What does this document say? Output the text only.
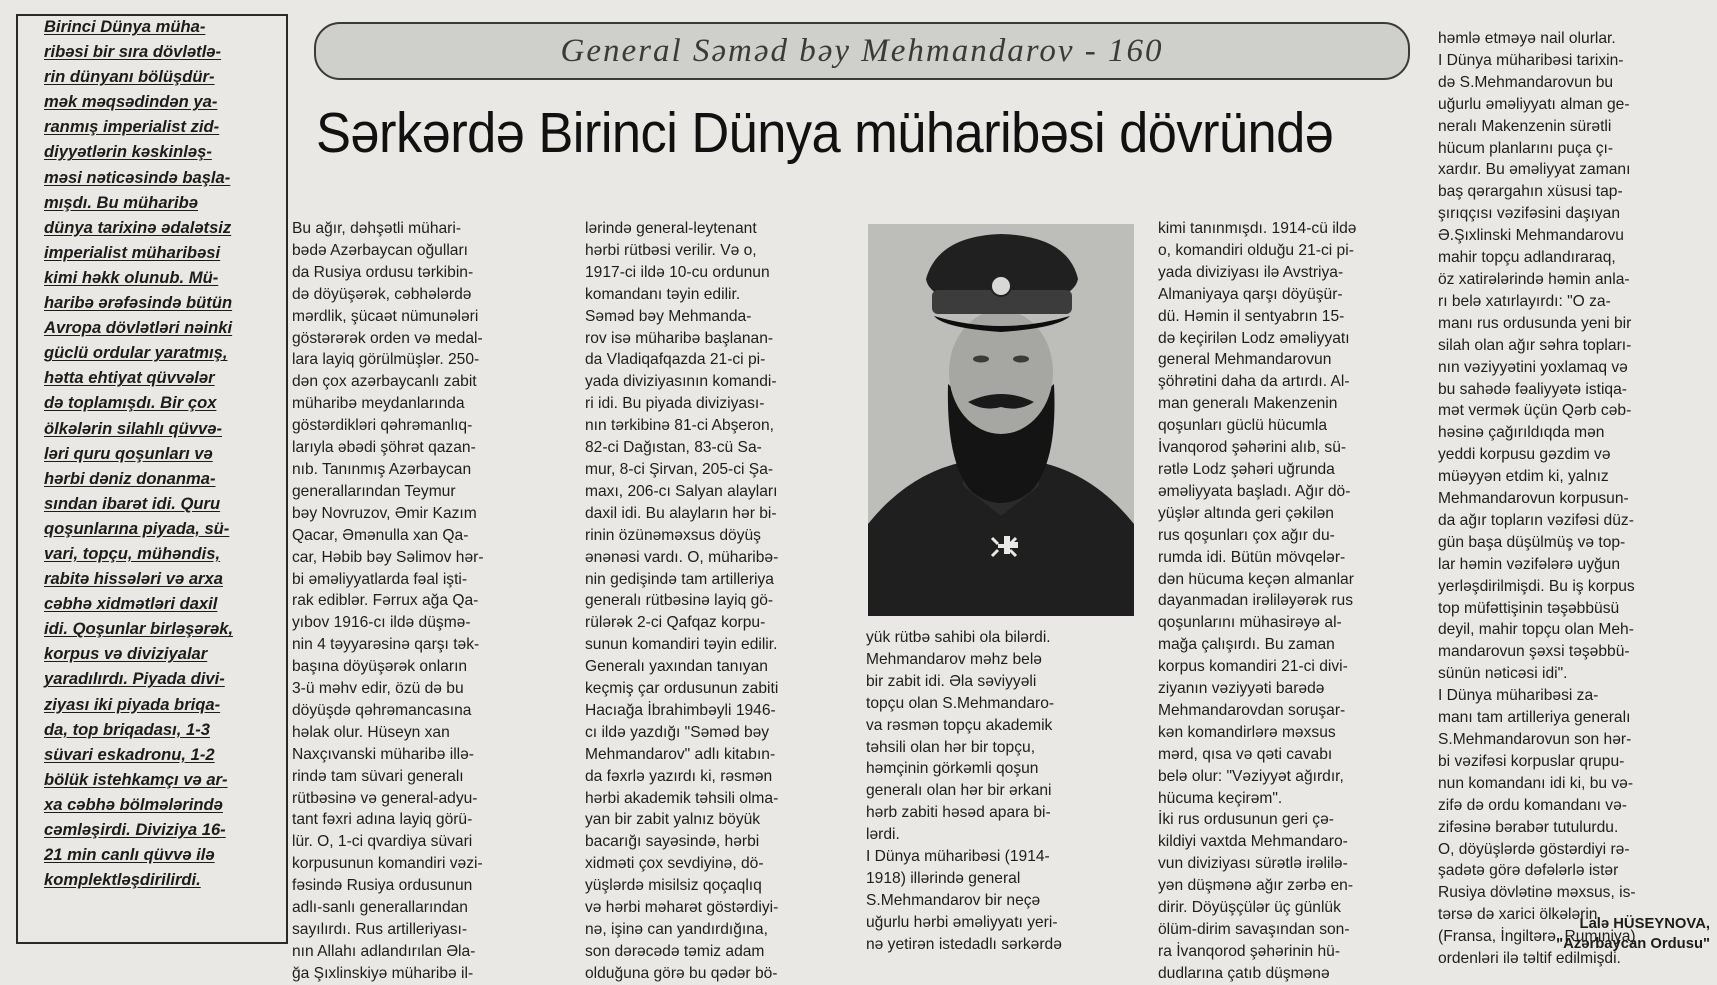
Birinci Dünya müha-
ribəsi bir sıra dövlətlə-
rin dünyanı bölüşdür-
mək məqsədindən ya-
ranmış imperialist zid-
diyyətlərin kəskinləş-
məsi nəticəsində başla-
mışdı. Bu müharibə
dünya tarixinə ədalətsiz
imperialist müharibəsi
kimi həkk olunub. Mü-
haribə ərəfəsində bütün
Avropa dövlətləri nəinki
güclü ordular yaratmış,
hətta ehtiyat qüvvələr
də toplamışdı. Bir çox
ölkələrin silahlı qüvvə-
ləri quru qoşunları və
hərbi dəniz donanma-
sından ibarət idi. Quru
qoşunlarına piyada, sü-
vari, topçu, mühəndis,
rabitə hissələri və arxa
cəbhə xidmətləri daxil
idi. Qoşunlar birləşərək,
korpus və diviziyalar
yaradılırdı. Piyada divi-
ziyası iki piyada briqa-
da, top briqadası, 1-3
süvari eskadronu, 1-2
bölük istehkamçı və ar-
xa cəbhə bölmələrində
cəmləşirdi. Diviziya 16-
21 min canlı qüvvə ilə
komplektləşdirilirdi.

General Səməd bəy Mehmandarov - 160
Sərkərdə Birinci Dünya müharibəsi dövründə
Bu ağır, dəhşətli mühari-
bədə Azərbaycan oğulları
da Rusiya ordusu tərkibin-
də döyüşərək, cəbhələrdə
mərdlik, şücaət nümunələri
göstərərək orden və medal-
lara layiq görülmüşlər. 250-
dən çox azərbaycanlı zabit
müharibə meydanlarında
göstərdikləri qəhrəmanlıq-
larıyla əbədi şöhrət qazan-
nıb. Tanınmış Azərbaycan
generallarından Teymur
bəy Novruzov, Əmir Kazım
Qacar, Əmənulla xan Qa-
car, Həbib bəy Səlimov hər-
bi əməliyyatlarda fəal işti-
rak ediblər. Fərrux ağa Qa-
yıbov 1916-cı ildə düşmə-
nin 4 təyyarəsinə qarşı tək-
başına döyüşərək onların
3-ü məhv edir, özü də bu
döyüşdə qəhrəmancasına
həlak olur. Hüseyn xan
Naxçıvanski müharibə illə-
rində tam süvari generalı
rütbəsinə və general-adyu-
tant fəxri adına layiq görü-
lür. O, 1-ci qvardiya süvari
korpusunun komandiri vəzi-
fəsində Rusiya ordusunun
adlı-sanlı generallarından
sayılırdı. Rus artilleriyası-
nın Allahı adlandırılan Əla-
ğa Şıxlinskiyə müharibə il-
lərində general-leytenant
hərbi rütbəsi verilir. Və o,
1917-ci ildə 10-cu ordunun
komandanı təyin edilir.
Səməd bəy Mehmanda-
rov isə müharibə başlanan-
da Vladiqafqazda 21-ci pi-
yada diviziyasının komandi-
ri idi. Bu piyada diviziyası-
nın tərkibinə 81-ci Abşeron,
82-ci Dağıstan, 83-cü Sa-
mur, 8-ci Şirvan, 205-ci Şa-
maxı, 206-cı Salyan alayları
daxil idi. Bu alayların hər bi-
rinin özünəməxsus döyüş
ənənəsi vardı. O, müharibə-
nin gedişində tam artilleriya
generalı rütbəsinə layiq gö-
rülərək 2-ci Qafqaz korpu-
sunun komandiri təyin edilir.
Generalı yaxından tanıyan
keçmiş çar ordusunun zabiti
Hacıağa İbrahimbəyli 1946-
cı ildə yazdığı "Səməd bəy
Mehmandarov" adlı kitabın-
da fəxrlə yazırdı ki, rəsmən
hərbi akademik təhsili olma-
yan bir zabit yalnız böyük
bacarığı sayəsində, hərbi
xidməti çox sevdiyinə, dö-
yüşlərdə misilsiz qoçaqlıq
və hərbi məharət göstərdiyi-
nə, işinə can yandırdığına,
son dərəcədə təmiz adam
olduğuna görə bu qədər bö-
yük rütbə sahibi ola bilərdi.
Mehmandarov məhz belə
bir zabit idi. Əla səviyyəli
topçu olan S.Mehmandaro-
va rəsmən topçu akademik
təhsili olan hər bir topçu,
həmçinin görkəmli qoşun
generalı olan hər bir ərkani
hərb zabiti həsəd apara bi-
lərdi.
I Dünya müharibəsi (1914-
1918) illərində general
S.Mehmandarov bir neçə
uğurlu hərbi əməliyyatı yeri-
nə yetirən istedadlı sərkərdə
kimi tanınmışdı. 1914-cü ildə
o, komandiri olduğu 21-ci pi-
yada diviziyası ilə Avstriya-
Almaniyaya qarşı döyüşür-
dü. Həmin il sentyabrın 15-
də keçirilən Lodz əməliyyatı
general Mehmandarovun
şöhrətini daha da artırdı. Al-
man generalı Makenzenin
qoşunları güclü hücumla
İvanqorod şəhərini alıb, sü-
rətlə Lodz şəhəri uğrunda
əməliyyata başladı. Ağır dö-
yüşlər altında geri çəkilən
rus qoşunları çox ağır du-
rumda idi. Bütün mövqelər-
dən hücuma keçən almanlar
dayanmadan irəliləyərək rus
qoşunlarını mühasirəyə al-
mağa çalışırdı. Bu zaman
korpus komandiri 21-ci divi-
ziyanın vəziyyəti barədə
Mehmandarovdan soruşar-
kən komandirlərə məxsus
mərd, qısa və qəti cavabı
belə olur: "Vəziyyət ağırdır,
hücuma keçirəm".
İki rus ordusunun geri çə-
kildiyi vaxtda Mehmandaro-
vun diviziyası sürətlə irəlilə-
yən düşmənə ağır zərbə en-
dirir. Döyüşçülər üç günlük
ölüm-dirim savaşından son-
ra İvanqorod şəhərinin hü-
dudlarına çatıb düşmənə
həmlə etməyə nail olurlar.
I Dünya müharibəsi tarixin-
də S.Mehmandarovun bu
uğurlu əməliyyatı alman ge-
neralı Makenzenin sürətli
hücum planlarını puça çı-
xardır. Bu əməliyyat zamanı
baş qərargahın xüsusi tap-
şırıqçısı vəzifəsini daşıyan
Ə.Şıxlinski Mehmandarovu
mahir topçu adlandıraraq,
öz xatirələrində həmin anla-
rı belə xatırlayırdı: "O za-
manı rus ordusunda yeni bir
silah olan ağır səhra topları-
nın vəziyyətini yoxlamaq və
bu sahədə fəaliyyətə istiqa-
mət vermək üçün Qərb cəb-
həsinə çağırıldıqda mən
yeddi korpusu gəzdim və
müəyyən etdim ki, yalnız
Mehmandarovun korpusun-
da ağır topların vəzifəsi düz-
gün başa düşülmüş və top-
lar həmin vəzifələrə uyğun
yerləşdirilmişdi. Bu iş korpus
top müfəttişinin təşəbbüsü
deyil, mahir topçu olan Meh-
mandarovun şəxsi təşəbbü-
sünün nəticəsi idi".
I Dünya müharibəsi za-
manı tam artilleriya generalı
S.Mehmandarovun son hər-
bi vəzifəsi korpuslar qrupu-
nun komandanı idi ki, bu və-
zifə də ordu komandanı və-
zifəsinə bərabər tutulurdu.
O, döyüşlərdə göstərdiyi rə-
şadətə görə dəfələrlə istər
Rusiya dövlətinə məxsus, is-
tərsə də xarici ölkələrin
(Fransa, İngiltərə, Rumıniya)
ordenləri ilə təltif edilmişdi.
Lalə HÜSEYNOVA,
"Azərbaycan Ordusu"
